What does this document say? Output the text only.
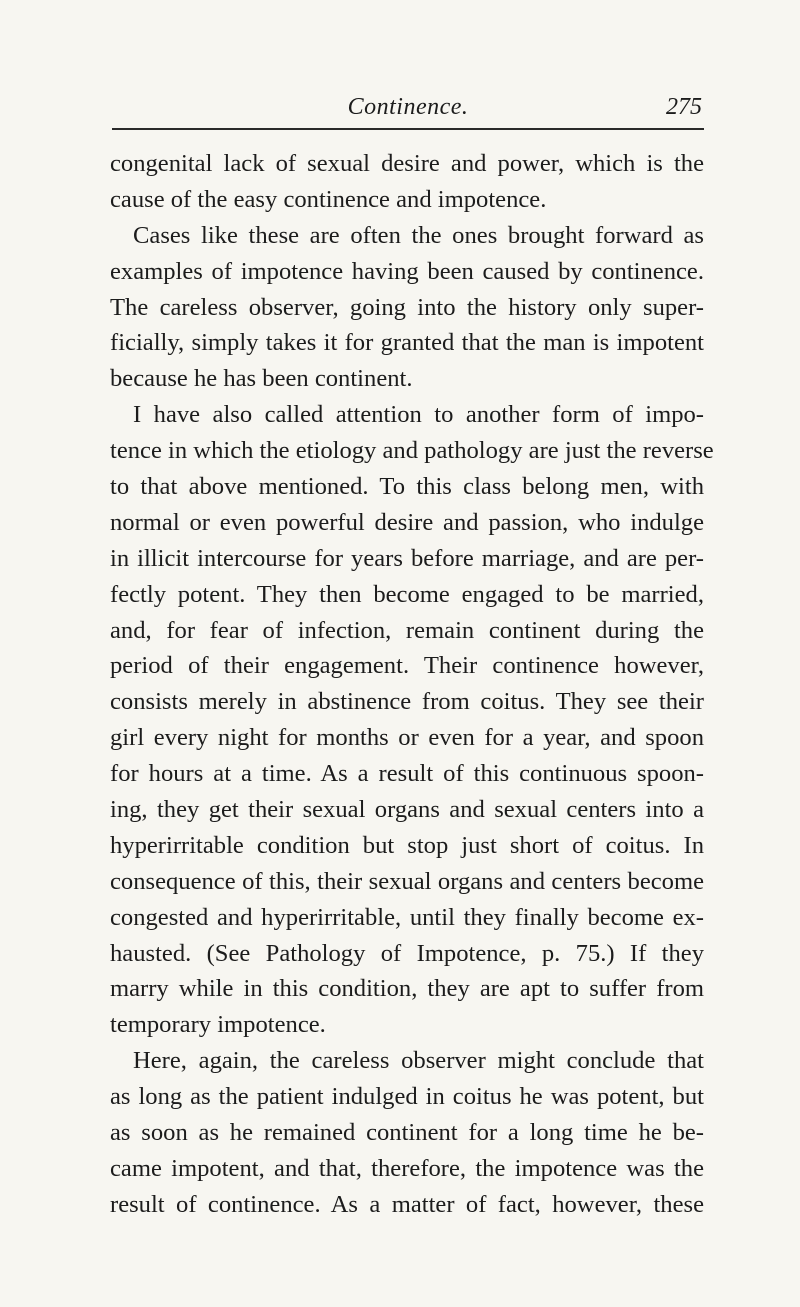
Continence.	275
congenital lack of sexual desire and power, which is the
cause of the easy continence and impotence.
Cases like these are often the ones brought forward as
examples of impotence having been caused by continence.
The careless observer, going into the history only super-
ficially, simply takes it for granted that the man is impotent
because he has been continent.
I have also called attention to another form of impo-
tence in which the etiology and pathology are just the reverse
to that above mentioned. To this class belong men, with
normal or even powerful desire and passion, who indulge
in illicit intercourse for years before marriage, and are per-
fectly potent. They then become engaged to be married,
and, for fear of infection, remain continent during the
period of their engagement. Their continence however,
consists merely in abstinence from coitus. They see their
girl every night for months or even for a year, and spoon
for hours at a time. As a result of this continuous spoon-
ing, they get their sexual organs and sexual centers into a
hyperirritable condition but stop just short of coitus. In
consequence of this, their sexual organs and centers become
congested and hyperirritable, until they finally become ex-
hausted. (See Pathology of Impotence, p. 75.) If they
marry while in this condition, they are apt to suffer from
temporary impotence.
Here, again, the careless observer might conclude that
as long as the patient indulged in coitus he was potent, but
as soon as he remained continent for a long time he be-
came impotent, and that, therefore, the impotence was the
result of continence. As a matter of fact, however, these
